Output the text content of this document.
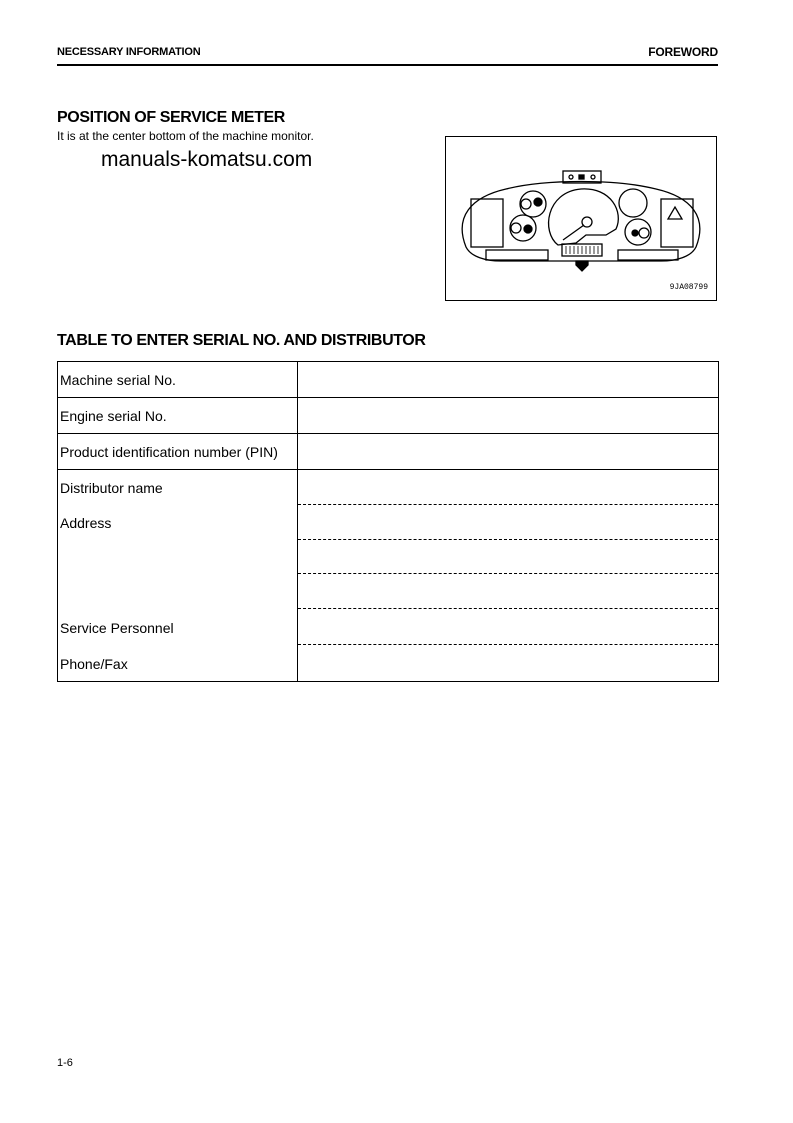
NECESSARY INFORMATION	FOREWORD
POSITION OF SERVICE METER
It is at the center bottom of the machine monitor.
manuals-komatsu.com
9JA08799
TABLE TO ENTER SERIAL NO. AND DISTRIBUTOR
Machine serial No.
Engine serial No.
Product identification number (PIN)
Distributor name
Address
Service Personnel
Phone/Fax
1-6
